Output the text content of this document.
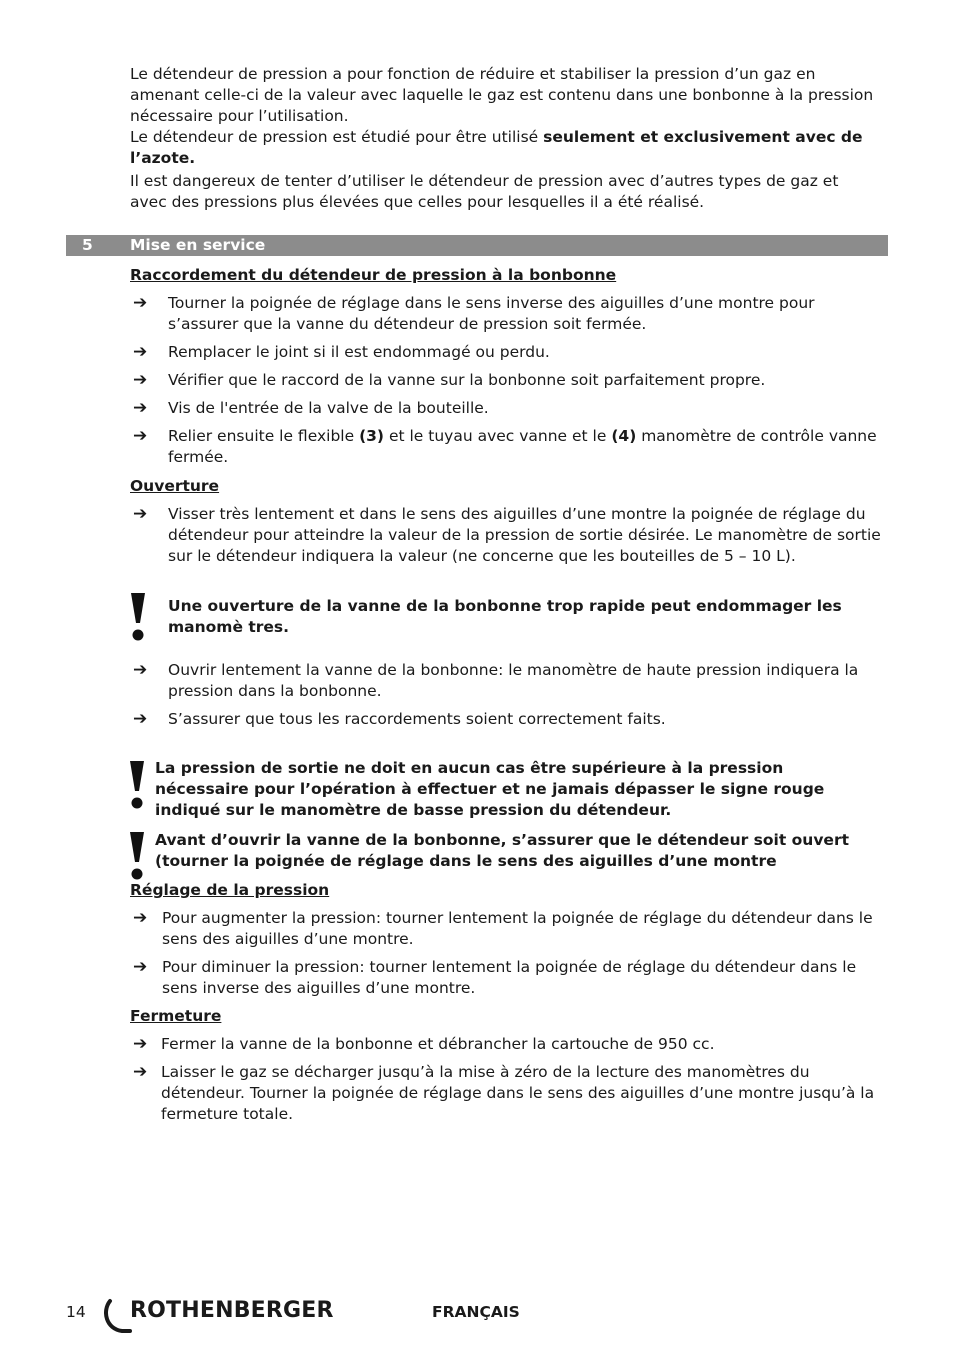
Le détendeur de pression a pour fonction de réduire et stabiliser la pression d’un gaz en amenant celle-ci de la valeur avec laquelle le gaz est contenu dans une bonbonne à la pression nécessaire pour l’utilisation.

Le détendeur de pression est étudié pour être utilisé seulement et exclusivement avec de l’azote.

Il est dangereux de tenter d’utiliser le détendeur de pression avec d’autres types de gaz et avec des pressions plus élevées que celles pour lesquelles il a été réalisé.

5 Mise en service
Raccordement du détendeur de pression à la bonbonne
➔ Tourner la poignée de réglage dans le sens inverse des aiguilles d’une montre pour s’assurer que la vanne du détendeur de pression soit fermée.
➔ Remplacer le joint si il est endommagé ou perdu.
➔ Vérifier que le raccord de la vanne sur la bonbonne soit parfaitement propre.
➔ Vis de l'entrée de la valve de la bouteille.
➔ Relier ensuite le flexible (3) et le tuyau avec vanne et le (4) manomètre de contrôle vanne fermée.
Ouverture
➔ Visser très lentement et dans le sens des aiguilles d’une montre la poignée de réglage du détendeur pour atteindre la valeur de la pression de sortie désirée. Le manomètre de sortie sur le détendeur indiquera la valeur (ne concerne que les bouteilles de 5 – 10 L).
Une ouverture de la vanne de la bonbonne trop rapide peut endommager les manomè tres.
➔ Ouvrir lentement la vanne de la bonbonne: le manomètre de haute pression indiquera la pression dans la bonbonne.
➔ S’assurer que tous les raccordements soient correctement faits.
La pression de sortie ne doit en aucun cas être supérieure à la pression nécessaire pour l’opération à effectuer et ne jamais dépasser le signe rouge indiqué sur le manomètre de basse pression du détendeur.
Avant d’ouvrir la vanne de la bonbonne, s’assurer que le détendeur soit ouvert (tourner la poignée de réglage dans le sens des aiguilles d’une montre
Réglage de la pression
➔ Pour augmenter la pression: tourner lentement la poignée de réglage du détendeur dans le sens des aiguilles d’une montre.
➔ Pour diminuer la pression: tourner lentement la poignée de réglage du détendeur dans le sens inverse des aiguilles d’une montre.
Fermeture
➔ Fermer la vanne de la bonbonne et débrancher la cartouche de 950 cc.
➔ Laisser le gaz se décharger jusqu’à la mise à zéro de la lecture des manomètres du détendeur. Tourner la poignée de réglage dans le sens des aiguilles d’une montre jusqu’à la fermeture totale.
14 ROTHENBERGER	FRANÇAIS
